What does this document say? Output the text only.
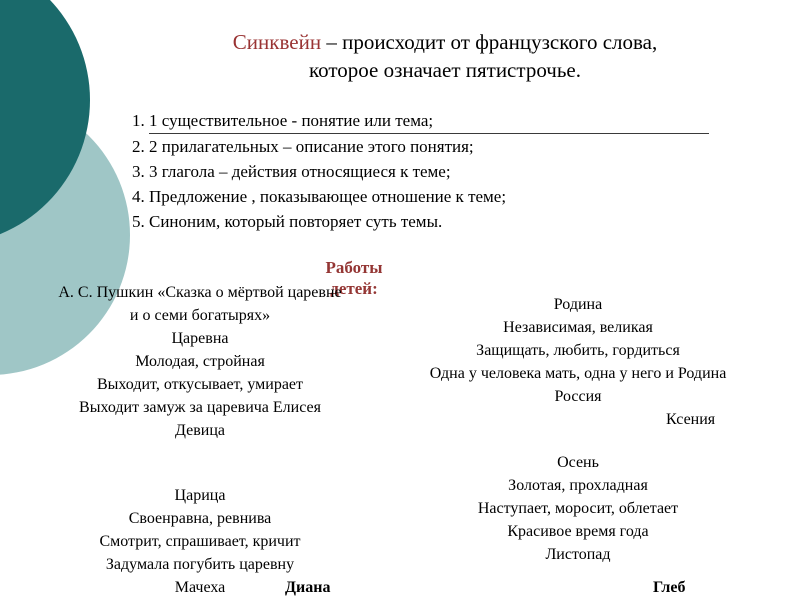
Синквейн – происходит от французского слова,
которое означает пятистрочье.
1. 1 существительное - понятие или тема;
2. 2 прилагательных – описание этого понятия;
3. 3 глагола – действия относящиеся к теме;
4. Предложение , показывающее отношение к теме;
5. Синоним, который повторяет суть темы.
Работы детей:
А. С. Пушкин «Сказка о мёртвой царевне
и о семи богатырях»
Царевна
Молодая, стройная
Выходит, откусывает, умирает
Выходит замуж за царевича Елисея
Девица
Царица
Своенравна, ревнива
Смотрит, спрашивает, кричит
Задумала погубить царевну
Мачеха	Диана
Родина
Независимая, великая
Защищать, любить, гордиться
Одна у человека мать, одна у него и Родина
Россия
Ксения
Осень
Золотая, прохладная
Наступает, моросит, облетает
Красивое время года
Листопад
Глеб
